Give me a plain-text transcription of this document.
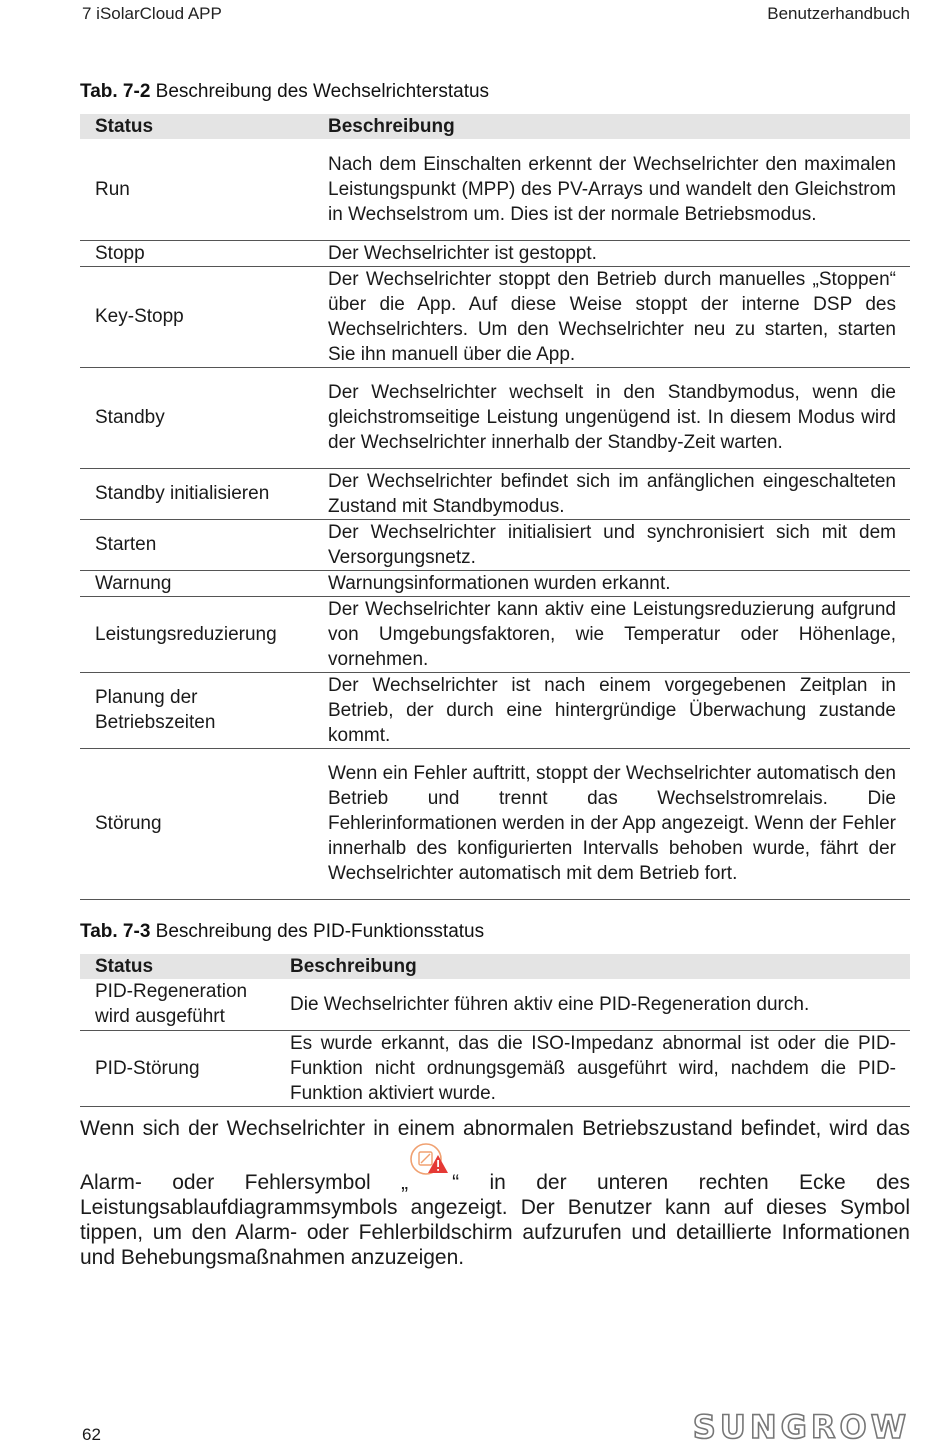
7 iSolarCloud APP	Benutzerhandbuch
Tab. 7-2 Beschreibung des Wechselrichterstatus
Status	Beschreibung
Run	Nach dem Einschalten erkennt der Wechselrichter den maximalen Leistungspunkt (MPP) des PV-Arrays und wandelt den Gleichstrom in Wechselstrom um. Dies ist der normale Betriebsmodus.
Stopp	Der Wechselrichter ist gestoppt.
Key-Stopp	Der Wechselrichter stoppt den Betrieb durch manuelles „Stoppen“ über die App. Auf diese Weise stoppt der interne DSP des Wechselrichters. Um den Wechselrichter neu zu starten, starten Sie ihn manuell über die App.
Standby	Der Wechselrichter wechselt in den Standbymodus, wenn die gleichstromseitige Leistung ungenügend ist. In diesem Modus wird der Wechselrichter innerhalb der Standby-Zeit warten.
Standby initialisieren	Der Wechselrichter befindet sich im anfänglichen eingeschalteten Zustand mit Standbymodus.
Starten	Der Wechselrichter initialisiert und synchronisiert sich mit dem Versorgungsnetz.
Warnung	Warnungsinformationen wurden erkannt.
Leistungsreduzierung	Der Wechselrichter kann aktiv eine Leistungsreduzierung aufgrund von Umgebungsfaktoren, wie Temperatur oder Höhenlage, vornehmen.
Planung der Betriebszeiten	Der Wechselrichter ist nach einem vorgegebenen Zeitplan in Betrieb, der durch eine hintergründige Überwachung zustande kommt.
Störung	Wenn ein Fehler auftritt, stoppt der Wechselrichter automatisch den Betrieb und trennt das Wechselstromrelais. Die Fehlerinformationen werden in der App angezeigt. Wenn der Fehler innerhalb des konfigurierten Intervalls behoben wurde, fährt der Wechselrichter automatisch mit dem Betrieb fort.
Tab. 7-3 Beschreibung des PID-Funktionsstatus
Status	Beschreibung
PID-Regeneration wird ausgeführt	Die Wechselrichter führen aktiv eine PID-Regeneration durch.
PID-Störung	Es wurde erkannt, das die ISO-Impedanz abnormal ist oder die PID-Funktion nicht ordnungsgemäß ausgeführt wird, nachdem die PID-Funktion aktiviert wurde.
Wenn sich der Wechselrichter in einem abnormalen Betriebszustand befindet, wird das Alarm- oder Fehlersymbol „ “ in der unteren rechten Ecke des Leistungsablaufdiagrammsymbols angezeigt. Der Benutzer kann auf dieses Symbol tippen, um den Alarm- oder Fehlerbildschirm aufzurufen und detaillierte Informationen und Behebungsmaßnahmen anzuzeigen.
62	SUNGROW
